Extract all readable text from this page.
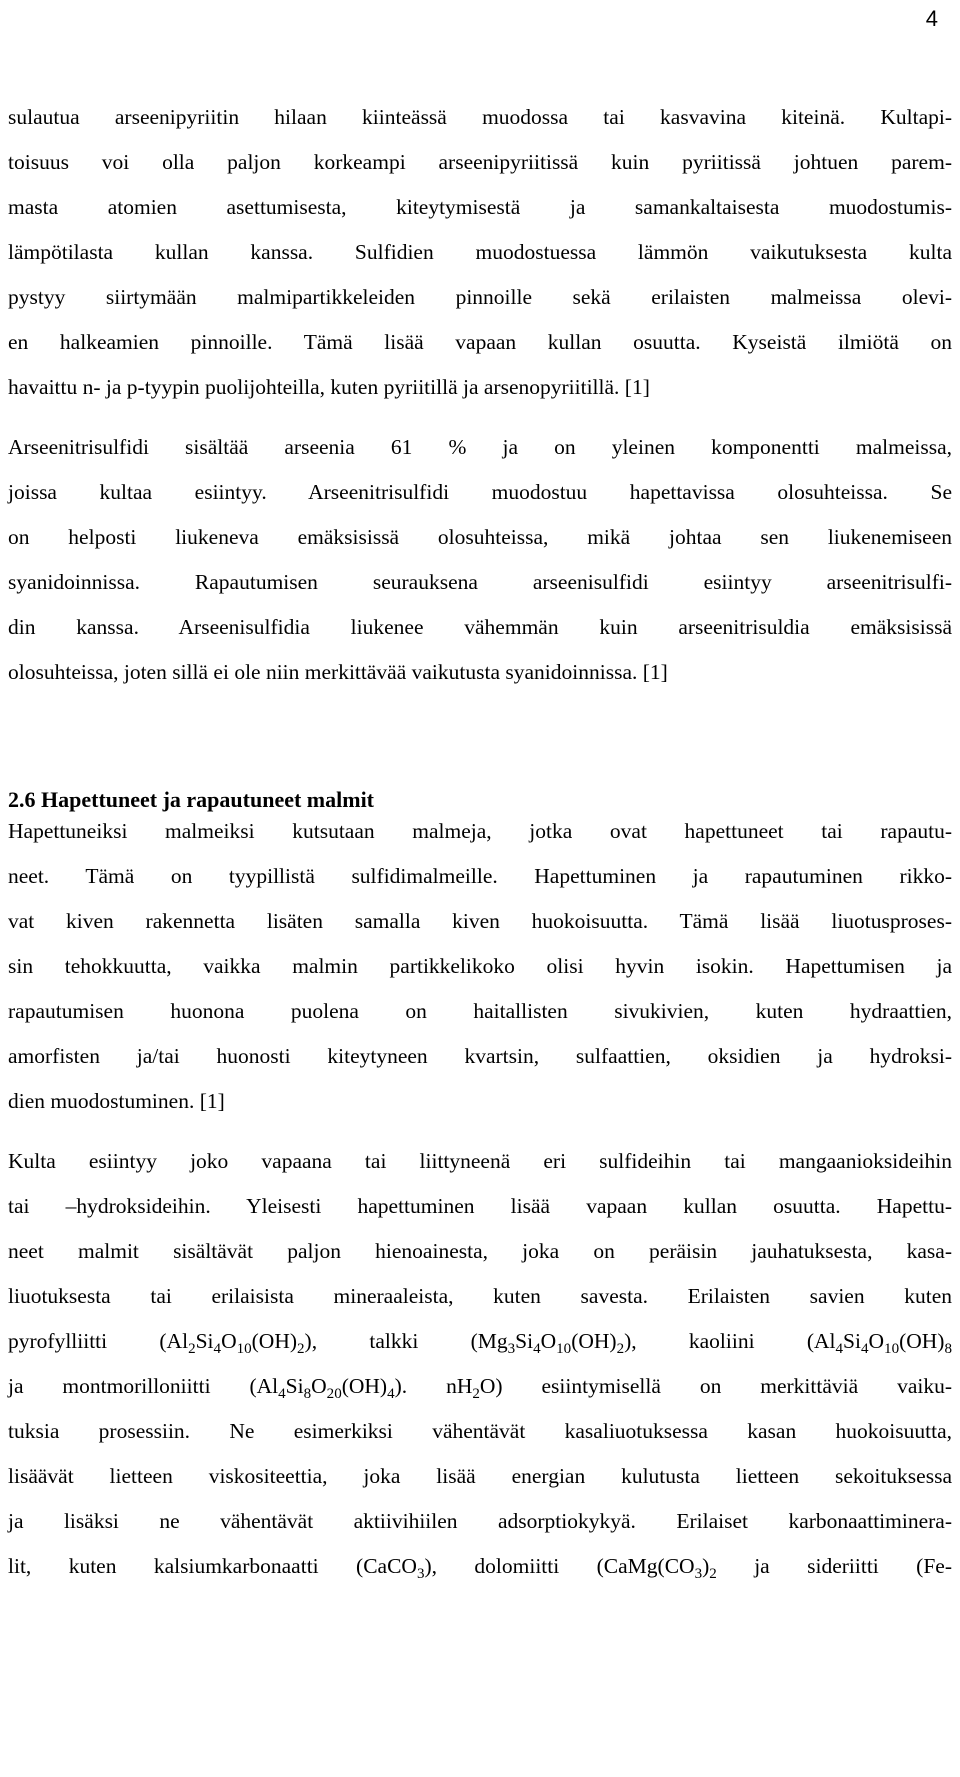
4
sulautua arseenipyriitin hilaan kiinteässä muodossa tai kasvavina kiteinä. Kultapi-
toisuus voi olla paljon korkeampi arseenipyriitissä kuin pyriitissä johtuen parem-
masta atomien asettumisesta, kiteytymisestä ja samankaltaisesta muodostumis-
lämpötilasta kullan kanssa. Sulfidien muodostuessa lämmön vaikutuksesta kulta
pystyy siirtymään malmipartikkeleiden pinnoille sekä erilaisten malmeissa olevi-
en halkeamien pinnoille. Tämä lisää vapaan kullan osuutta. Kyseistä ilmiötä on
havaittu n- ja p-tyypin puolijohteilla, kuten pyriitillä ja arsenopyriitillä. [1]
Arseenitrisulfidi sisältää arseenia 61 % ja on yleinen komponentti malmeissa,
joissa kultaa esiintyy. Arseenitrisulfidi muodostuu hapettavissa olosuhteissa. Se
on helposti liukeneva emäksisissä olosuhteissa, mikä johtaa sen liukenemiseen
syanidoinnissa. Rapautumisen seurauksena arseenisulfidi esiintyy arseenitrisulfi-
din kanssa. Arseenisulfidia liukenee vähemmän kuin arseenitrisuldia emäksisissä
olosuhteissa, joten sillä ei ole niin merkittävää vaikutusta syanidoinnissa. [1]
2.6 Hapettuneet ja rapautuneet malmit
Hapettuneiksi malmeiksi kutsutaan malmeja, jotka ovat hapettuneet tai rapautu-
neet. Tämä on tyypillistä sulfidimalmeille. Hapettuminen ja rapautuminen rikko-
vat kiven rakennetta lisäten samalla kiven huokoisuutta. Tämä lisää liuotusproses-
sin tehokkuutta, vaikka malmin partikkelikoko olisi hyvin isokin. Hapettumisen ja
rapautumisen huonona puolena on haitallisten sivukivien, kuten hydraattien,
amorfisten ja/tai huonosti kiteytyneen kvartsin, sulfaattien, oksidien ja hydroksi-
dien muodostuminen. [1]
Kulta esiintyy joko vapaana tai liittyneenä eri sulfideihin tai mangaanioksideihin
tai –hydroksideihin. Yleisesti hapettuminen lisää vapaan kullan osuutta. Hapettu-
neet malmit sisältävät paljon hienoainesta, joka on peräisin jauhatuksesta, kasa-
liuotuksesta tai erilaisista mineraaleista, kuten savesta. Erilaisten savien kuten
pyrofylliitti $(Al_2Si_4O_{10}(OH)_2)$, talkki $(Mg_3Si_4O_{10}(OH)_2)$, kaoliini ($Al_4Si_4O_{10}(OH)_8$
ja montmorilloniitti $(Al_4Si_8O_{20}(OH)_4)$. $nH_2O$) esiintymisellä on merkittäviä vaiku-
tuksia prosessiin. Ne esimerkiksi vähentävät kasaliuotuksessa kasan huokoisuutta,
lisäävät lietteen viskositeettia, joka lisää energian kulutusta lietteen sekoituksessa
ja lisäksi ne vähentävät aktiivihiilen adsorptiokykyä. Erilaiset karbonaattiminera-
lit, kuten kalsiumkarbonaatti (CaCO$_3$), dolomiitti ($CaMg(CO_3)_2$ ja sideriitti (Fe-
